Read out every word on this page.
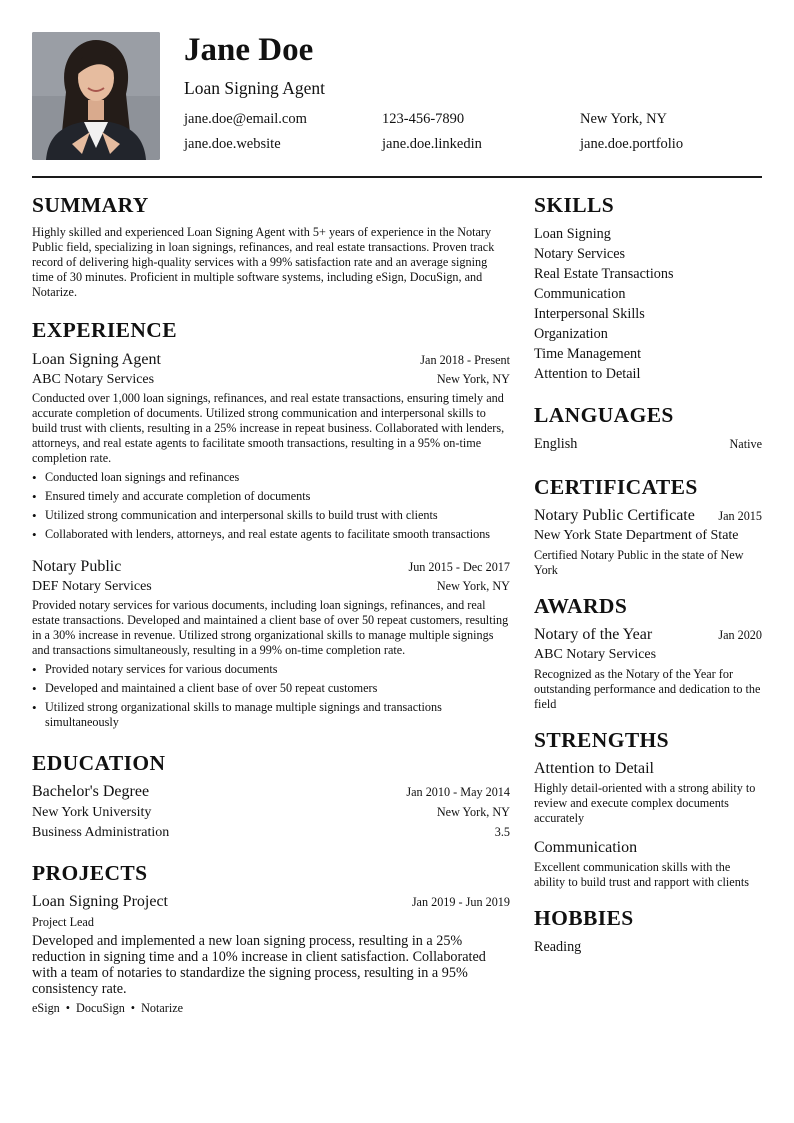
Jane Doe
Loan Signing Agent
jane.doe@email.com	123-456-7890	New York, NY
jane.doe.website	jane.doe.linkedin	jane.doe.portfolio
SUMMARY
Highly skilled and experienced Loan Signing Agent with 5+ years of experience in the Notary Public field, specializing in loan signings, refinances, and real estate transactions. Proven track record of delivering high-quality services with a 99% satisfaction rate and an average signing time of 30 minutes. Proficient in multiple software systems, including eSign, DocuSign, and Notarize.
EXPERIENCE
Loan Signing Agent	Jan 2018 - Present
ABC Notary Services	New York, NY
Conducted over 1,000 loan signings, refinances, and real estate transactions, ensuring timely and accurate completion of documents. Utilized strong communication and interpersonal skills to build trust with clients, resulting in a 25% increase in repeat business. Collaborated with lenders, attorneys, and real estate agents to facilitate smooth transactions, resulting in a 95% on-time completion rate.
• Conducted loan signings and refinances
• Ensured timely and accurate completion of documents
• Utilized strong communication and interpersonal skills to build trust with clients
• Collaborated with lenders, attorneys, and real estate agents to facilitate smooth transactions
Notary Public	Jun 2015 - Dec 2017
DEF Notary Services	New York, NY
Provided notary services for various documents, including loan signings, refinances, and real estate transactions. Developed and maintained a client base of over 50 repeat customers, resulting in a 30% increase in revenue. Utilized strong organizational skills to manage multiple signings and transactions simultaneously, resulting in a 99% on-time completion rate.
• Provided notary services for various documents
• Developed and maintained a client base of over 50 repeat customers
• Utilized strong organizational skills to manage multiple signings and transactions simultaneously
EDUCATION
Bachelor's Degree	Jan 2010 - May 2014
New York University	New York, NY
Business Administration	3.5
PROJECTS
Loan Signing Project	Jan 2019 - Jun 2019
Project Lead
Developed and implemented a new loan signing process, resulting in a 25% reduction in signing time and a 10% increase in client satisfaction. Collaborated with a team of notaries to standardize the signing process, resulting in a 95% consistency rate.
eSign • DocuSign • Notarize
SKILLS
Loan Signing
Notary Services
Real Estate Transactions
Communication
Interpersonal Skills
Organization
Time Management
Attention to Detail
LANGUAGES
English	Native
CERTIFICATES
Notary Public Certificate Jan 2015
New York State Department of State
Certified Notary Public in the state of New York
AWARDS
Notary of the Year	Jan 2020
ABC Notary Services
Recognized as the Notary of the Year for outstanding performance and dedication to the field
STRENGTHS
Attention to Detail
Highly detail-oriented with a strong ability to review and execute complex documents accurately
Communication
Excellent communication skills with the ability to build trust and rapport with clients
HOBBIES
Reading
